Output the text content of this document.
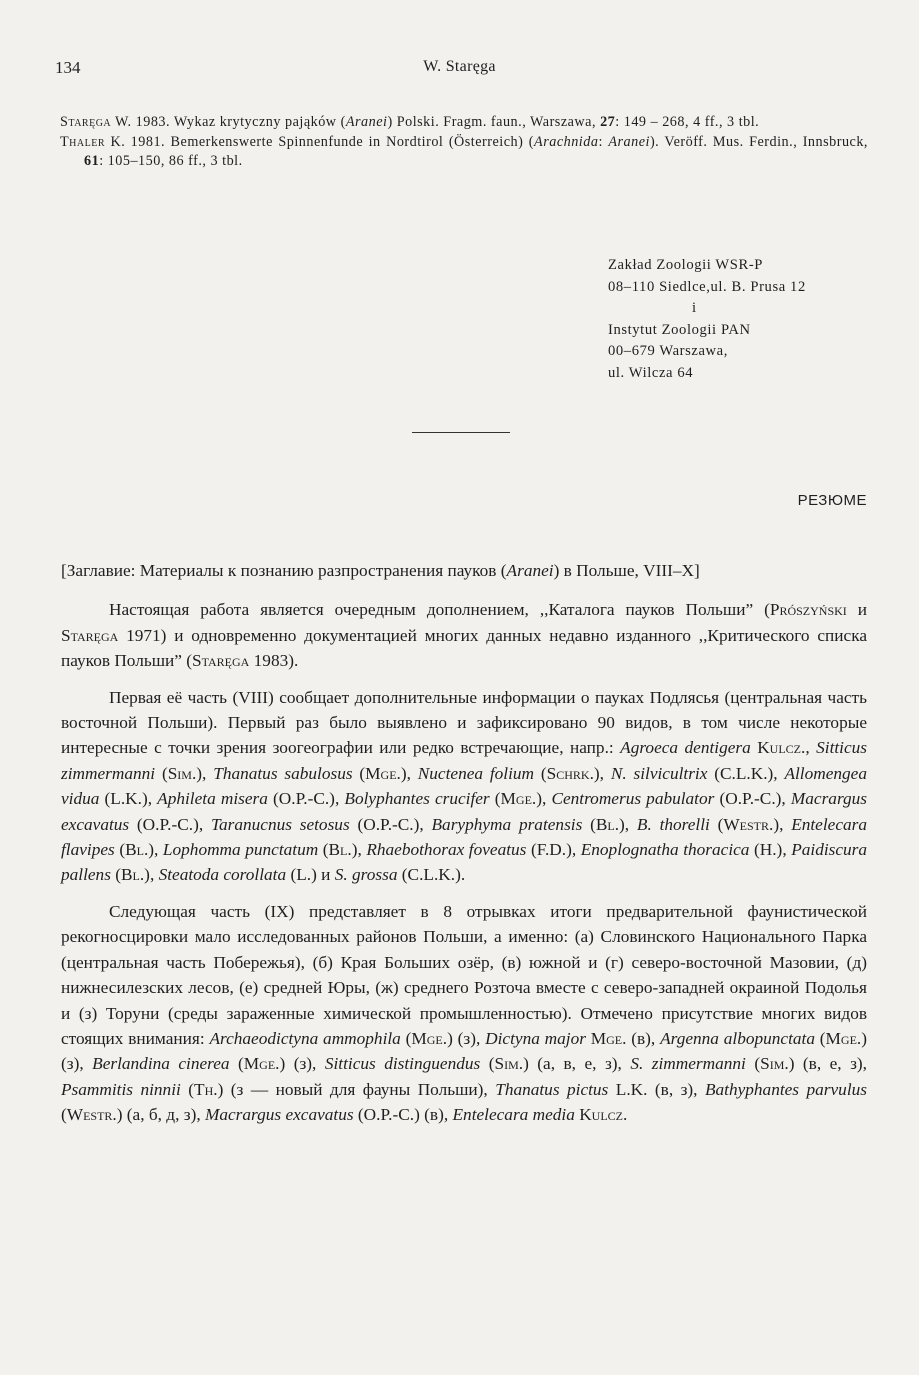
134	W. Staręga

Staręga W. 1983. Wykaz krytyczny pająków (Aranei) Polski. Fragm. faun., Warszawa, 27: 149 – 268, 4 ff., 3 tbl.

Thaler K. 1981. Bemerkenswerte Spinnenfunde in Nordtirol (Österreich) (Arachnida: Aranei). Veröff. Mus. Ferdin., Innsbruck, 61: 105–150, 86 ff., 3 tbl.

Zakład Zoologii WSR-P
08–110 Siedlce,ul. B. Prusa 12
i
Instytut Zoologii PAN
00–679 Warszawa,
ul. Wilcza 64
РЕЗЮМЕ

[Заглавие: Материалы к познанию разпространения пауков (Aranei) в Польше, VIII–X]

Настоящая работа является очередным дополнением, ,,Каталога пауков Польши” (Prószyński и Staręga 1971) и одновременно документацией многих данных недавно изданного ,,Критического списка пауков Польши” (Staręga 1983).

Первая её часть (VIII) сообщает дополнительные информации о пауках Подлясья (центральная часть восточной Польши). Первый раз было выявлено и зафиксировано 90 видов, в том числе некоторые интересные с точки зрения зоогеографии или редко встречающие, напр.: Agroeca dentigera Kulcz., Sitticus zimmermanni (Sim.), Thanatus sabulosus (Mge.), Nuctenea folium (Schrk.), N. silvicultrix (C.L.K.), Allomengea vidua (L.K.), Aphileta misera (O.P.-C.), Bolyphantes crucifer (Mge.), Centromerus pabulator (O.P.-C.), Macrargus excavatus (O.P.-C.), Taranucnus setosus (O.P.-C.), Baryphyma pratensis (Bl.), B. thorelli (Westr.), Entelecara flavipes (Bl.), Lophomma punctatum (Bl.), Rhaebothorax foveatus (F.D.), Enoplognatha thoracica (H.), Paidiscura pallens (Bl.), Steatoda corollata (L.) и S. grossa (C.L.K.).

Следующая часть (IX) представляет в 8 отрывках итоги предварительной фаунистической рекогносцировки мало исследованных районов Польши, а именно: (а) Словинского Национального Парка (центральная часть Побережья), (б) Края Больших озёр, (в) южной и (г) северо-восточной Мазовии, (д) нижнесилезских лесов, (е) средней Юры, (ж) среднего Розточа вместе с северо-западней окраиной Подолья и (з) Торуни (среды зараженные химической промышленностью). Отмечено присутствие многих видов стоящих внимания: Archaeodictyna ammophila (Mge.) (з), Dictyna major Mge. (в), Argenna albopunctata (Mge.) (з), Berlandina cinerea (Mge.) (з), Sitticus distinguendus (Sim.) (а, в, е, з), S. zimmermanni (Sim.) (в, е, з), Psammitis ninnii (Th.) (з — новый для фауны Польши), Thanatus pictus L.K. (в, з), Bathyphantes parvulus (Westr.) (а, б, д, з), Macrargus excavatus (O.P.-C.) (в), Entelecara media Kulcz.
